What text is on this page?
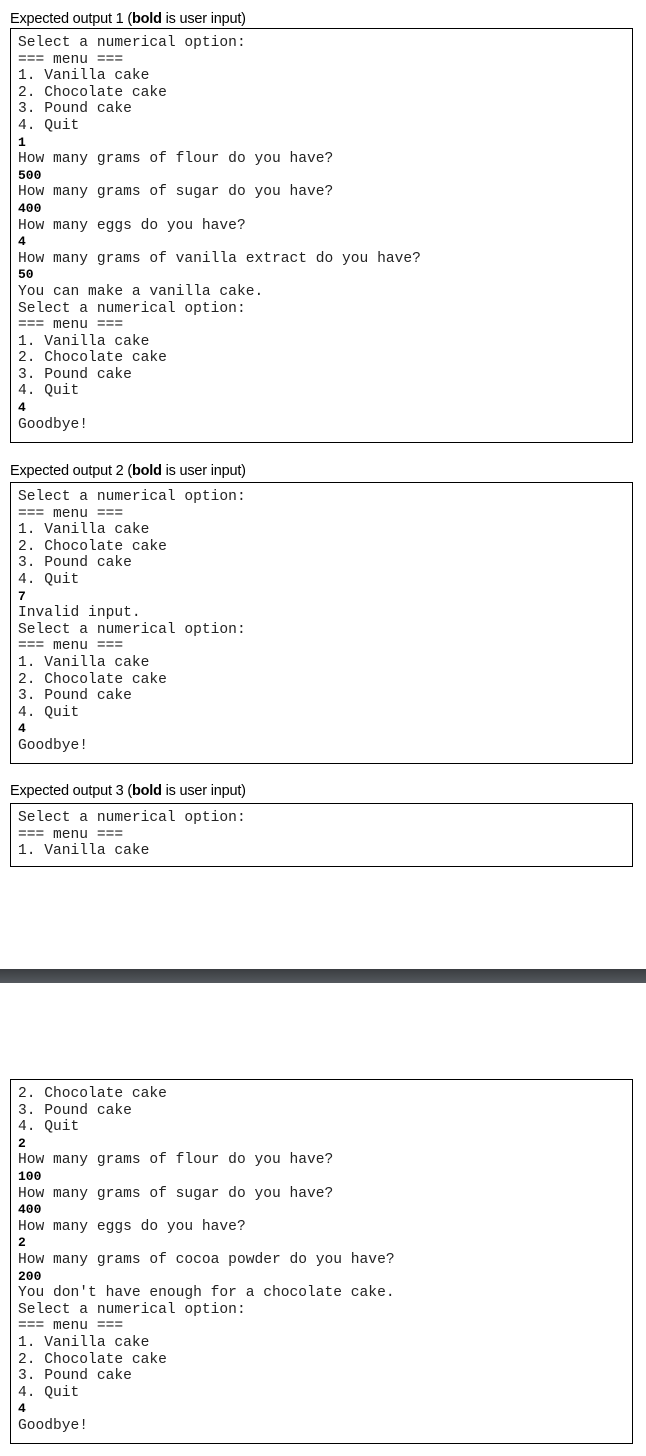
Expected output 1 (bold is user input)
Select a numerical option:
=== menu ===
1. Vanilla cake
2. Chocolate cake
3. Pound cake
4. Quit
1
How many grams of flour do you have?
500
How many grams of sugar do you have?
400
How many eggs do you have?
4
How many grams of vanilla extract do you have?
50
You can make a vanilla cake.
Select a numerical option:
=== menu ===
1. Vanilla cake
2. Chocolate cake
3. Pound cake
4. Quit
4
Goodbye!
Expected output 2 (bold is user input)
Select a numerical option:
=== menu ===
1. Vanilla cake
2. Chocolate cake
3. Pound cake
4. Quit
7
Invalid input.
Select a numerical option:
=== menu ===
1. Vanilla cake
2. Chocolate cake
3. Pound cake
4. Quit
4
Goodbye!
Expected output 3 (bold is user input)
Select a numerical option:
=== menu ===
1. Vanilla cake
2. Chocolate cake
3. Pound cake
4. Quit
2
How many grams of flour do you have?
100
How many grams of sugar do you have?
400
How many eggs do you have?
2
How many grams of cocoa powder do you have?
200
You don't have enough for a chocolate cake.
Select a numerical option:
=== menu ===
1. Vanilla cake
2. Chocolate cake
3. Pound cake
4. Quit
4
Goodbye!
